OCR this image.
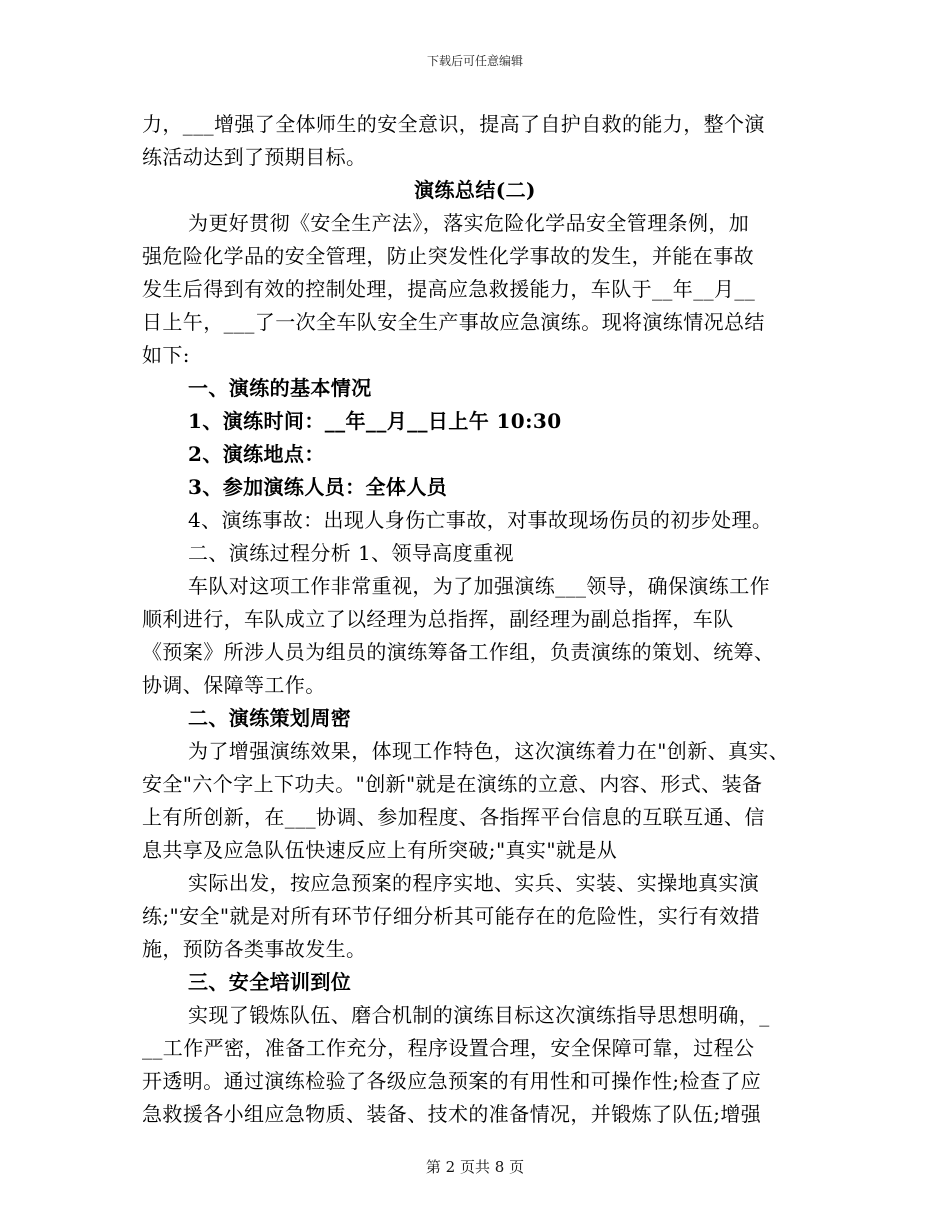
下载后可任意编辑
力，___增强了全体师生的安全意识，提高了自护自救的能力，整个演
练活动达到了预期目标。
演练总结(二)
为更好贯彻《安全生产法》，落实危险化学品安全管理条例，加
强危险化学品的安全管理，防止突发性化学事故的发生，并能在事故
发生后得到有效的控制处理，提高应急救援能力，车队于__年__月__
日上午，___了一次全车队安全生产事故应急演练。现将演练情况总结
如下:
一、演练的基本情况
1、演练时间：__年__月__日上午 10:30
2、演练地点：
3、参加演练人员：全体人员
4、演练事故：出现人身伤亡事故，对事故现场伤员的初步处理。
二、演练过程分析 1、领导高度重视
车队对这项工作非常重视，为了加强演练___领导，确保演练工作
顺利进行，车队成立了以经理为总指挥，副经理为副总指挥，车队
《预案》所涉人员为组员的演练筹备工作组，负责演练的策划、统筹、
协调、保障等工作。
二、演练策划周密
为了增强演练效果，体现工作特色，这次演练着力在"创新、真实、
安全"六个字上下功夫。"创新"就是在演练的立意、内容、形式、装备
上有所创新，在___协调、参加程度、各指挥平台信息的互联互通、信
息共享及应急队伍快速反应上有所突破;"真实"就是从
实际出发，按应急预案的程序实地、实兵、实装、实操地真实演
练;"安全"就是对所有环节仔细分析其可能存在的危险性，实行有效措
施，预防各类事故发生。
三、安全培训到位
实现了锻炼队伍、磨合机制的演练目标这次演练指导思想明确，_
__工作严密，准备工作充分，程序设置合理，安全保障可靠，过程公
开透明。通过演练检验了各级应急预案的有用性和可操作性;检查了应
急救援各小组应急物质、装备、技术的准备情况，并锻炼了队伍;增强
第 2 页共 8 页
